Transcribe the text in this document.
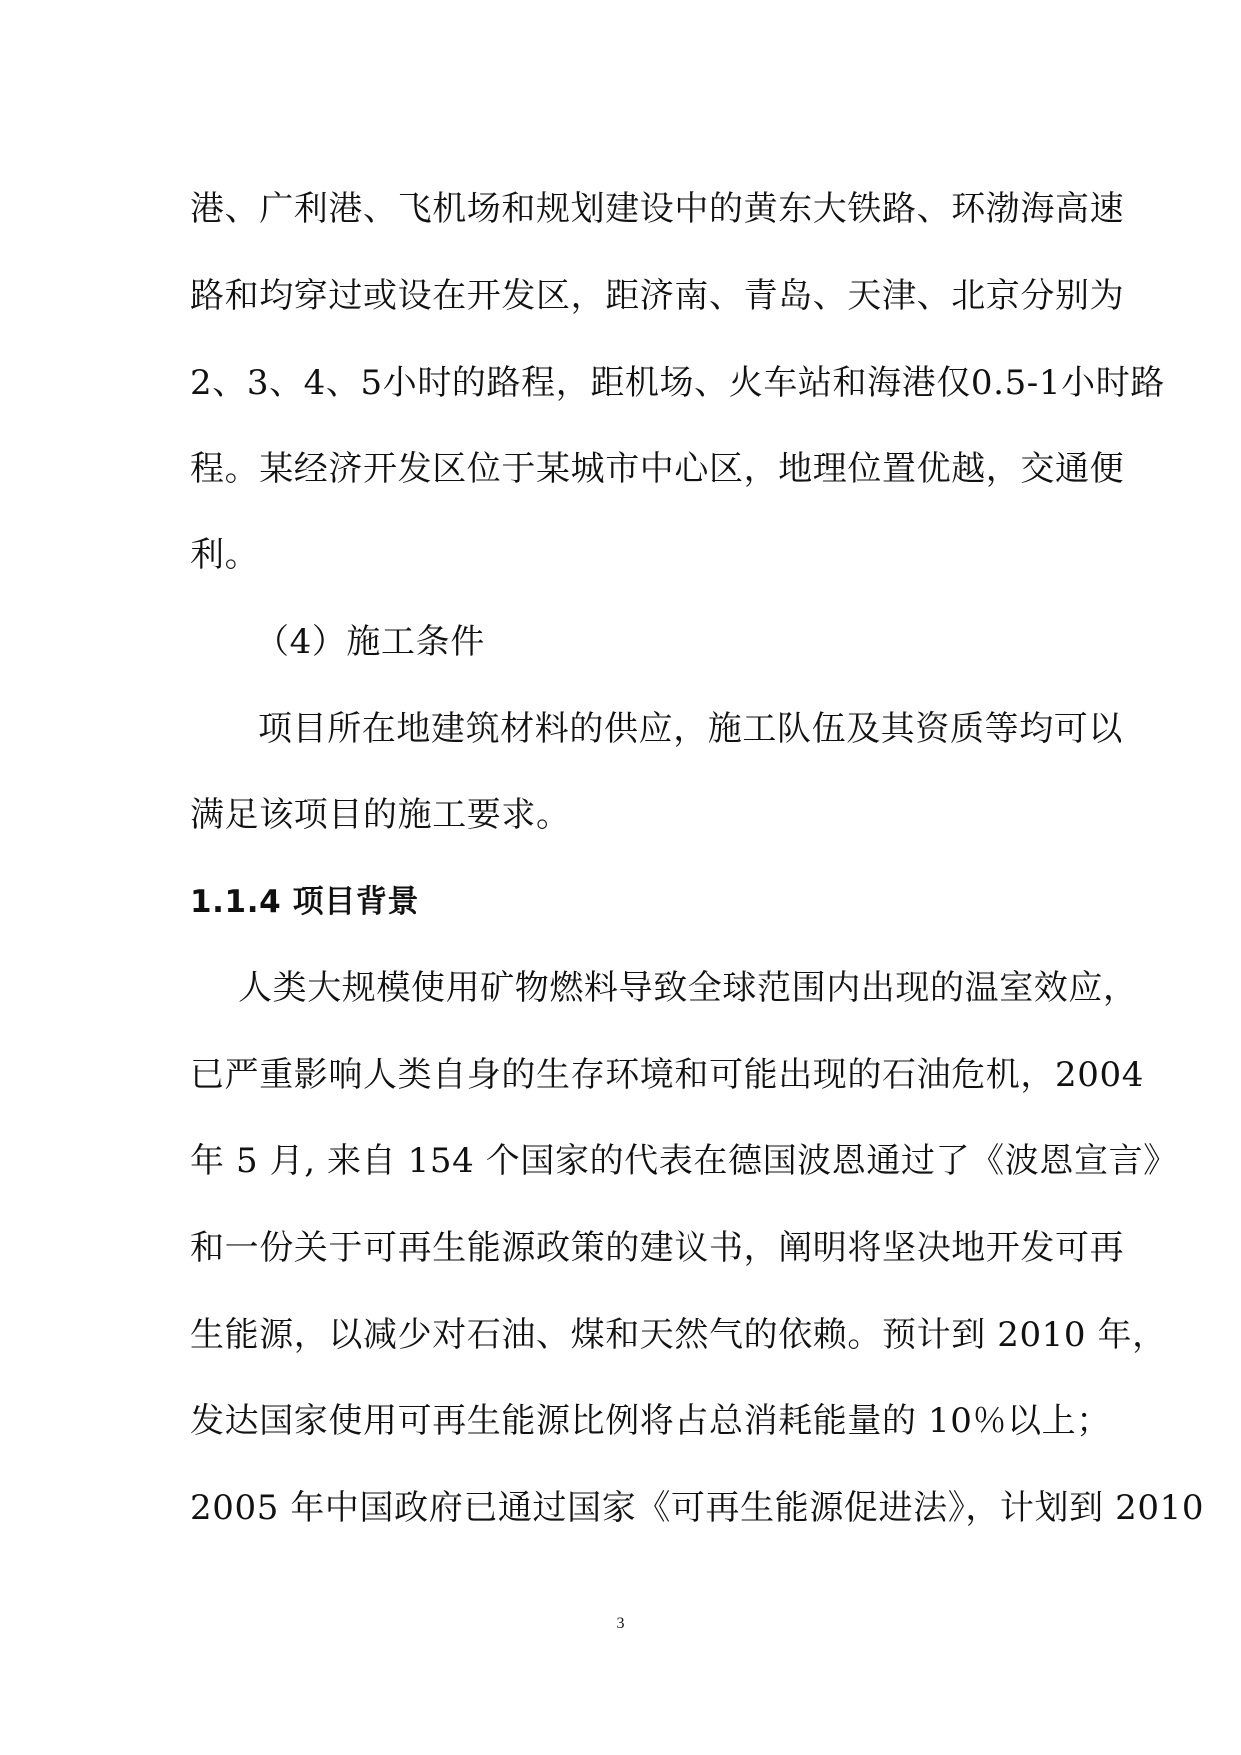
港、广利港、飞机场和规划建设中的黄东大铁路、环渤海高速
路和均穿过或设在开发区，距济南、青岛、天津、北京分别为
2、3、4、5小时的路程，距机场、火车站和海港仅0.5-1小时路
程。某经济开发区位于某城市中心区，地理位置优越，交通便
利。
（4）施工条件
项目所在地建筑材料的供应，施工队伍及其资质等均可以
满足该项目的施工要求。
1.1.4 项目背景
人类大规模使用矿物燃料导致全球范围内出现的温室效应，
已严重影响人类自身的生存环境和可能出现的石油危机，2004
年 5 月, 来自 154 个国家的代表在德国波恩通过了《波恩宣言》
和一份关于可再生能源政策的建议书，阐明将坚决地开发可再
生能源，以减少对石油、煤和天然气的依赖。预计到 2010 年，
发达国家使用可再生能源比例将占总消耗能量的 10％以上；
2005 年中国政府已通过国家《可再生能源促进法》，计划到 2010
3
